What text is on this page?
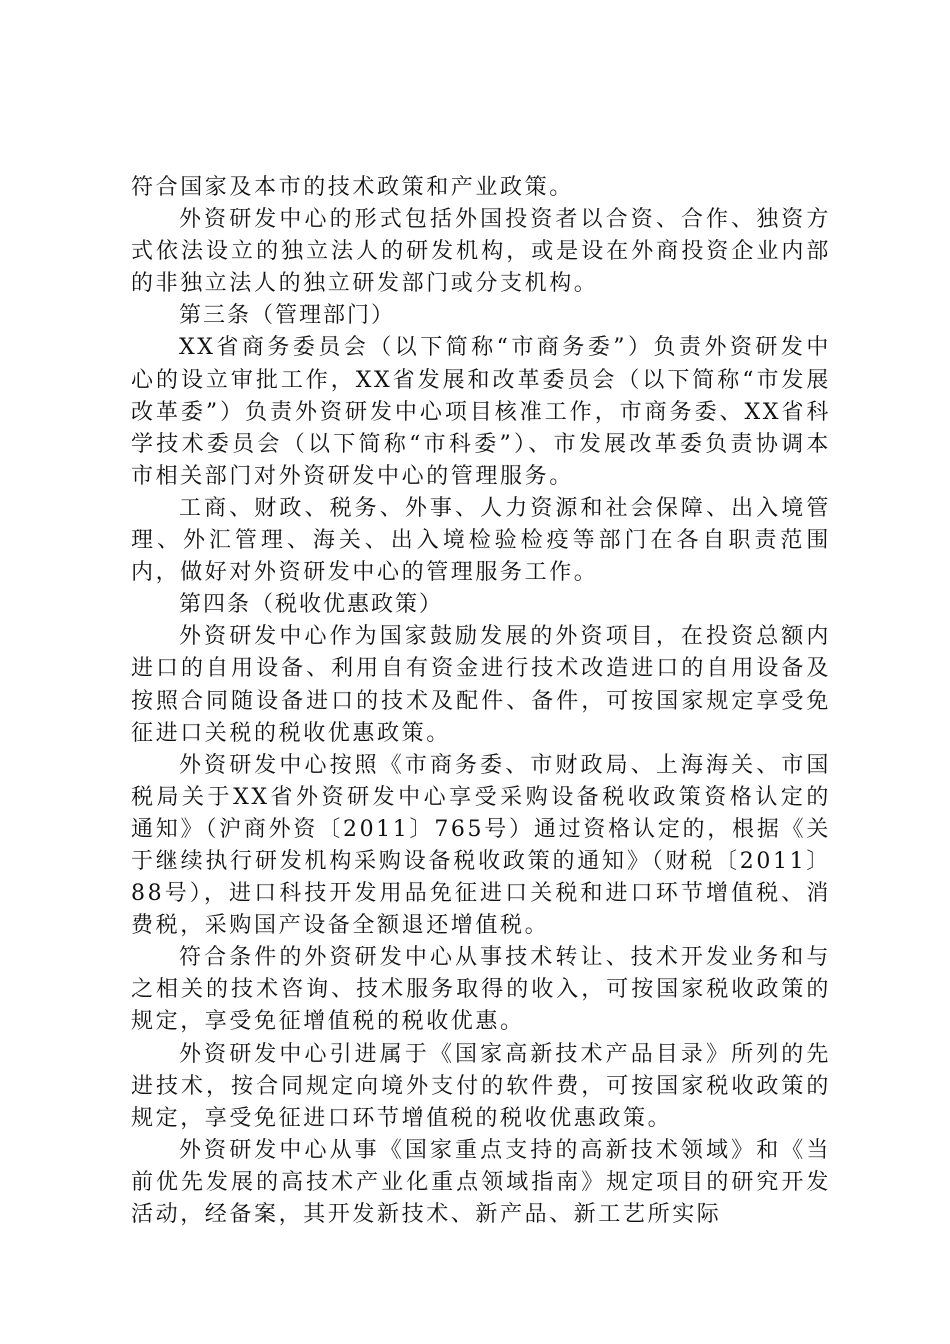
符合国家及本市的技术政策和产业政策。

外资研发中心的形式包括外国投资者以合资、合作、独资方式依法设立的独立法人的研发机构，或是设在外商投资企业内部的非独立法人的独立研发部门或分支机构。

第三条（管理部门）

XX省商务委员会（以下简称“市商务委”）负责外资研发中心的设立审批工作，XX省发展和改革委员会（以下简称“市发展改革委”）负责外资研发中心项目核准工作，市商务委、XX省科学技术委员会（以下简称“市科委”）、市发展改革委负责协调本市相关部门对外资研发中心的管理服务。

工商、财政、税务、外事、人力资源和社会保障、出入境管理、外汇管理、海关、出入境检验检疫等部门在各自职责范围内，做好对外资研发中心的管理服务工作。

第四条（税收优惠政策）

外资研发中心作为国家鼓励发展的外资项目，在投资总额内进口的自用设备、利用自有资金进行技术改造进口的自用设备及按照合同随设备进口的技术及配件、备件，可按国家规定享受免征进口关税的税收优惠政策。

外资研发中心按照《市商务委、市财政局、上海海关、市国税局关于XX省外资研发中心享受采购设备税收政策资格认定的通知》（沪商外资〔2011〕765号）通过资格认定的，根据《关于继续执行研发机构采购设备税收政策的通知》（财税〔2011〕88号），进口科技开发用品免征进口关税和进口环节增值税、消费税，采购国产设备全额退还增值税。

符合条件的外资研发中心从事技术转让、技术开发业务和与之相关的技术咨询、技术服务取得的收入，可按国家税收政策的规定，享受免征增值税的税收优惠。

外资研发中心引进属于《国家高新技术产品目录》所列的先进技术，按合同规定向境外支付的软件费，可按国家税收政策的规定，享受免征进口环节增值税的税收优惠政策。

外资研发中心从事《国家重点支持的高新技术领域》和《当前优先发展的高技术产业化重点领域指南》规定项目的研究开发活动，经备案，其开发新技术、新产品、新工艺所实际
